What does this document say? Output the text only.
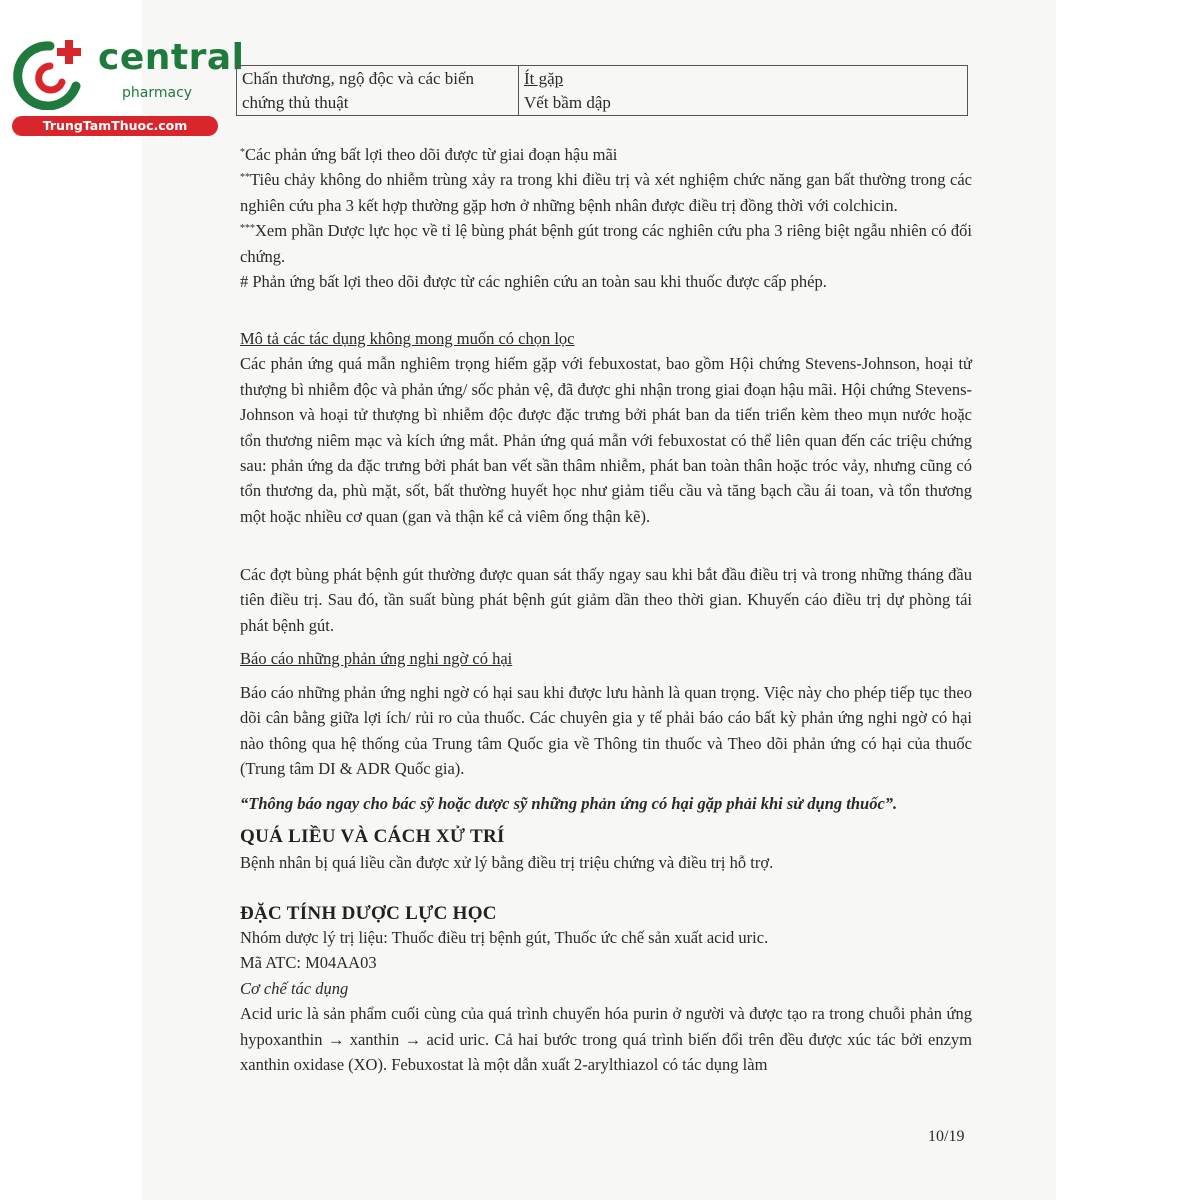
central
pharmacy
TrungTamThuoc.com
Chấn thương, ngộ độc và các biến
chứng thủ thuật
Ít gặp
Vết bầm dập

*Các phản ứng bất lợi theo dõi được từ giai đoạn hậu mãi

**Tiêu chảy không do nhiễm trùng xảy ra trong khi điều trị và xét nghiệm chức năng gan bất thường trong các nghiên cứu pha 3 kết hợp thường gặp hơn ở những bệnh nhân được điều trị đồng thời với colchicin.

***Xem phần Dược lực học về tỉ lệ bùng phát bệnh gút trong các nghiên cứu pha 3 riêng biệt ngẫu nhiên có đối chứng.

# Phản ứng bất lợi theo dõi được từ các nghiên cứu an toàn sau khi thuốc được cấp phép.

Mô tả các tác dụng không mong muốn có chọn lọc

Các phản ứng quá mẫn nghiêm trọng hiếm gặp với febuxostat, bao gồm Hội chứng Stevens-Johnson, hoại tử thượng bì nhiễm độc và phản ứng/ sốc phản vệ, đã được ghi nhận trong giai đoạn hậu mãi. Hội chứng Stevens-Johnson và hoại tử thượng bì nhiễm độc được đặc trưng bởi phát ban da tiến triển kèm theo mụn nước hoặc tổn thương niêm mạc và kích ứng mắt. Phản ứng quá mẫn với febuxostat có thể liên quan đến các triệu chứng sau: phản ứng da đặc trưng bởi phát ban vết sần thâm nhiễm, phát ban toàn thân hoặc tróc vảy, nhưng cũng có tổn thương da, phù mặt, sốt, bất thường huyết học như giảm tiểu cầu và tăng bạch cầu ái toan, và tổn thương một hoặc nhiều cơ quan (gan và thận kể cả viêm ống thận kẽ).

Các đợt bùng phát bệnh gút thường được quan sát thấy ngay sau khi bắt đầu điều trị và trong những tháng đầu tiên điều trị. Sau đó, tần suất bùng phát bệnh gút giảm dần theo thời gian. Khuyến cáo điều trị dự phòng tái phát bệnh gút.

Báo cáo những phản ứng nghi ngờ có hại

Báo cáo những phản ứng nghi ngờ có hại sau khi được lưu hành là quan trọng. Việc này cho phép tiếp tục theo dõi cân bằng giữa lợi ích/ rủi ro của thuốc. Các chuyên gia y tế phải báo cáo bất kỳ phản ứng nghi ngờ có hại nào thông qua hệ thống của Trung tâm Quốc gia về Thông tin thuốc và Theo dõi phản ứng có hại của thuốc (Trung tâm DI & ADR Quốc gia).

“Thông báo ngay cho bác sỹ hoặc dược sỹ những phản ứng có hại gặp phải khi sử dụng thuốc”.

QUÁ LIỀU VÀ CÁCH XỬ TRÍ

Bệnh nhân bị quá liều cần được xử lý bằng điều trị triệu chứng và điều trị hỗ trợ.

ĐẶC TÍNH DƯỢC LỰC HỌC

Nhóm dược lý trị liệu: Thuốc điều trị bệnh gút, Thuốc ức chế sản xuất acid uric.

Mã ATC: M04AA03

Cơ chế tác dụng

Acid uric là sản phẩm cuối cùng của quá trình chuyển hóa purin ở người và được tạo ra trong chuỗi phản ứng hypoxanthin → xanthin → acid uric. Cả hai bước trong quá trình biến đổi trên đều được xúc tác bởi enzym xanthin oxidase (XO). Febuxostat là một dẫn xuất 2-arylthiazol có tác dụng làm

10/19
